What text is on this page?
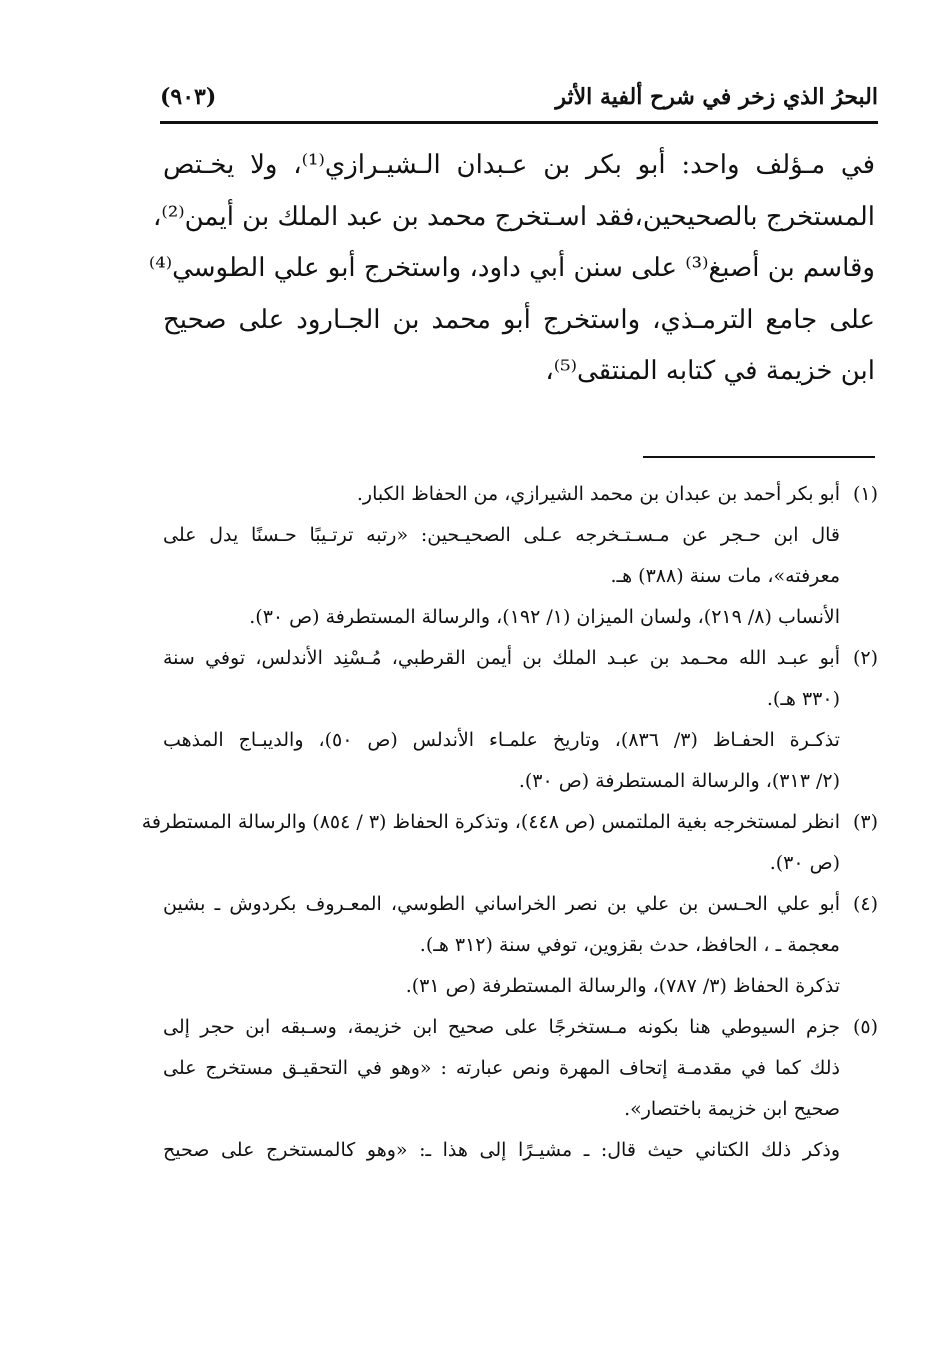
البحرُ الذي زخر في شرح ألفية الأثر
(٩٠٣)

في مـؤلف واحد: أبو بكر بن عـبدان الـشيـرازي⁽¹⁾، ولا يخـتص
المستخرج بالصحيحين،فقد اسـتخرج محمد بن عبد الملك بن أيمن⁽²⁾،
وقاسم بن أصبغ⁽³⁾ على سنن أبي داود، واستخرج أبو علي الطوسي⁽⁴⁾
على جامع الترمـذي، واستخرج أبو محمد بن الجـارود على صحيح
ابن خزيمة في كتابه المنتقى⁽⁵⁾،

(١)
أبو بكر أحمد بن عبدان بن محمد الشيرازي، من الحفاظ الكبار.
قال ابن حـجر عن مـسـتـخرجه عـلى الصحيـحين: «رتبه ترتـيبًا حـسنًا يدل على
معرفته»، مات سنة (٣٨٨) هـ.
الأنساب (٨/ ٢١٩)، ولسان الميزان (١/ ١٩٢)، والرسالة المستطرفة (ص ٣٠).
(٢)
أبو عبـد الله محـمد بن عبـد الملك بن أيمن القرطبي، مُـسْنِد الأندلس، توفي سنة
(٣٣٠ هـ).
تذكـرة الحفـاظ (٣/ ٨٣٦)، وتاريخ علمـاء الأندلس (ص ٥٠)، والديبـاج المذهب
(٢/ ٣١٣)، والرسالة المستطرفة (ص ٣٠).
(٣)
انظر لمستخرجه بغية الملتمس (ص ٤٤٨)، وتذكرة الحفاظ (٣ / ٨٥٤) والرسالة المستطرفة
(ص ٣٠).
(٤)
أبو علي الحـسن بن علي بن نصر الخراساني الطوسي، المعـروف بكردوش ـ بشين
معجمة ـ ، الحافظ، حدث بقزوين، توفي سنة (٣١٢ هـ).
تذكرة الحفاظ (٣/ ٧٨٧)، والرسالة المستطرفة (ص ٣١).
(٥)
جزم السيوطي هنا بكونه مـستخرجًا على صحيح ابن خزيمة، وسـبقه ابن حجر إلى
ذلك كما في مقدمـة إتحاف المهرة ونص عبارته : «وهو في التحقيـق مستخرج على
صحيح ابن خزيمة باختصار».
وذكر ذلك الكتاني حيث قال: ـ مشيـرًا إلى هذا ـ: «وهو كالمستخرج على صحيح
